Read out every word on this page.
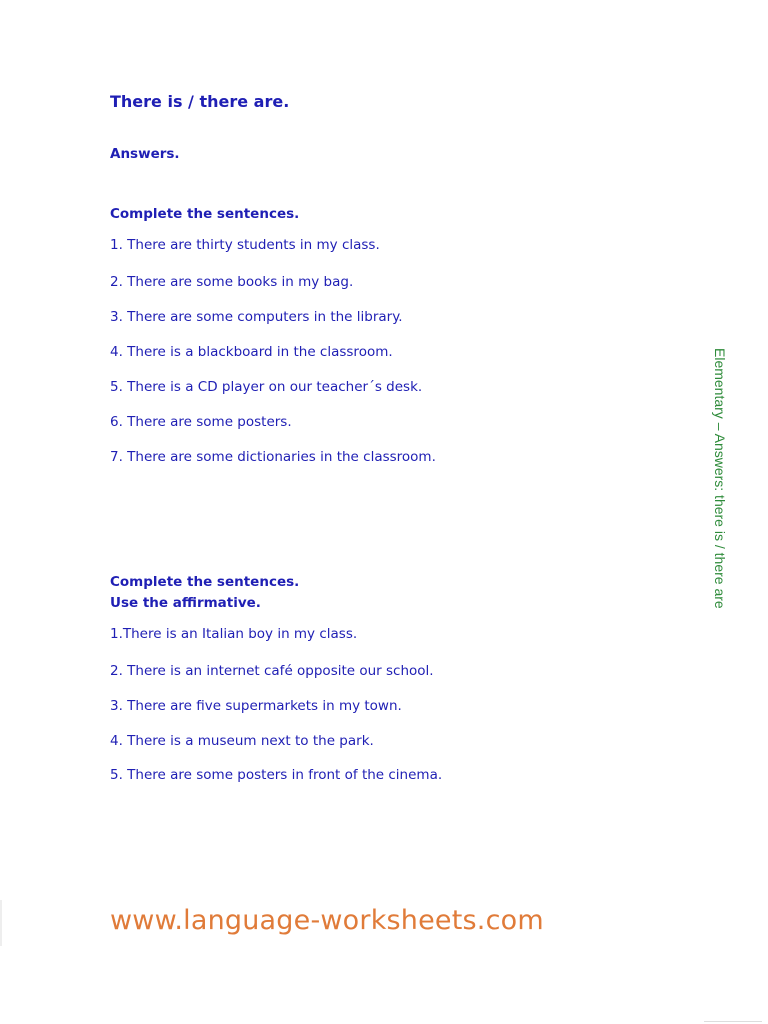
There is / there are.
Answers.
Complete the sentences.
1. There are thirty students in my class.
2. There are some books in my bag.
3. There are some computers in the library.
4. There is a blackboard in the classroom.
5. There is a CD player on our teacher´s desk.
6. There are some posters.
7. There are some dictionaries in the classroom.
Complete the sentences.
Use the affirmative.
1.There is an Italian boy in my class.
2. There is an internet café opposite our school.
3. There are five supermarkets in my town.
4. There is a museum next to the park.
5. There are some posters in front of the cinema.
Elementary – Answers: there is / there are
www.language-worksheets.com
